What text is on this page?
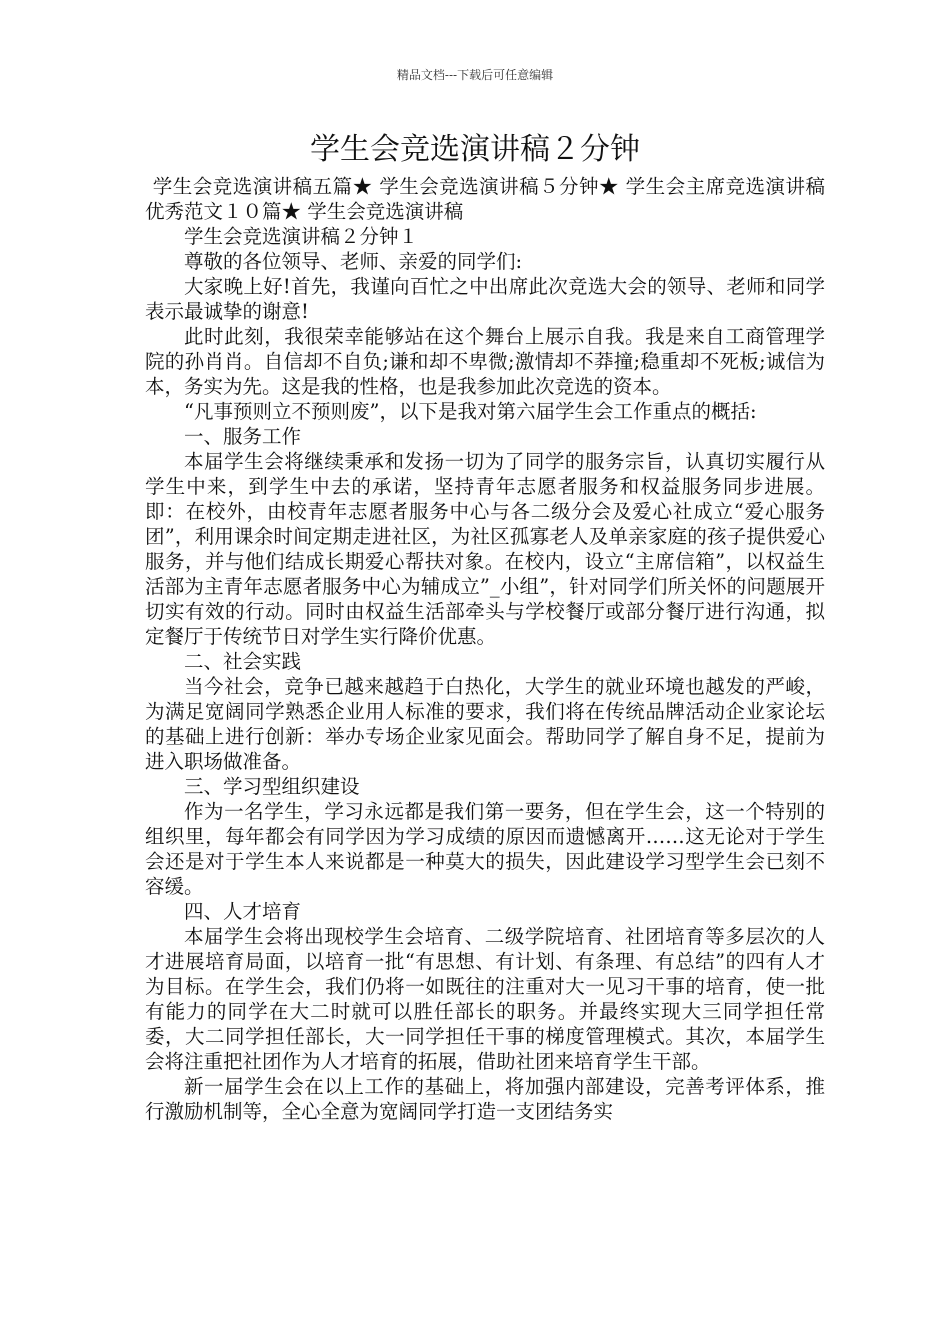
精品文档---下载后可任意编辑
学生会竞选演讲稿２分钟

学生会竞选演讲稿五篇★ 学生会竞选演讲稿５分钟★ 学生会主席竞选演讲稿优秀范文１０篇★ 学生会竞选演讲稿

学生会竞选演讲稿２分钟１

尊敬的各位领导、老师、亲爱的同学们:

大家晚上好!首先，我谨向百忙之中出席此次竞选大会的领导、老师和同学表示最诚挚的谢意!

此时此刻，我很荣幸能够站在这个舞台上展示自我。我是来自工商管理学院的孙肖肖。自信却不自负;谦和却不卑微;激情却不莽撞;稳重却不死板;诚信为本，务实为先。这是我的性格，也是我参加此次竞选的资本。

“凡事预则立不预则废”，以下是我对第六届学生会工作重点的概括:

一、服务工作

本届学生会将继续秉承和发扬一切为了同学的服务宗旨，认真切实履行从学生中来，到学生中去的承诺，坚持青年志愿者服务和权益服务同步进展。即：在校外，由校青年志愿者服务中心与各二级分会及爱心社成立“爱心服务团”，利用课余时间定期走进社区，为社区孤寡老人及单亲家庭的孩子提供爱心服务，并与他们结成长期爱心帮扶对象。在校内，设立“主席信箱”，以权益生活部为主青年志愿者服务中心为辅成立”_小组”，针对同学们所关怀的问题展开切实有效的行动。同时由权益生活部牵头与学校餐厅或部分餐厅进行沟通，拟定餐厅于传统节日对学生实行降价优惠。

二、社会实践

当今社会，竞争已越来越趋于白热化，大学生的就业环境也越发的严峻，为满足宽阔同学熟悉企业用人标准的要求，我们将在传统品牌活动企业家论坛的基础上进行创新：举办专场企业家见面会。帮助同学了解自身不足，提前为进入职场做准备。

三、学习型组织建设

作为一名学生，学习永远都是我们第一要务，但在学生会，这一个特别的组织里，每年都会有同学因为学习成绩的原因而遗憾离开……这无论对于学生会还是对于学生本人来说都是一种莫大的损失，因此建设学习型学生会已刻不容缓。

四、人才培育

本届学生会将出现校学生会培育、二级学院培育、社团培育等多层次的人才进展培育局面，以培育一批“有思想、有计划、有条理、有总结”的四有人才为目标。在学生会，我们仍将一如既往的注重对大一见习干事的培育，使一批有能力的同学在大二时就可以胜任部长的职务。并最终实现大三同学担任常委，大二同学担任部长，大一同学担任干事的梯度管理模式。其次，本届学生会将注重把社团作为人才培育的拓展，借助社团来培育学生干部。

新一届学生会在以上工作的基础上，将加强内部建设，完善考评体系，推行激励机制等，全心全意为宽阔同学打造一支团结务实
